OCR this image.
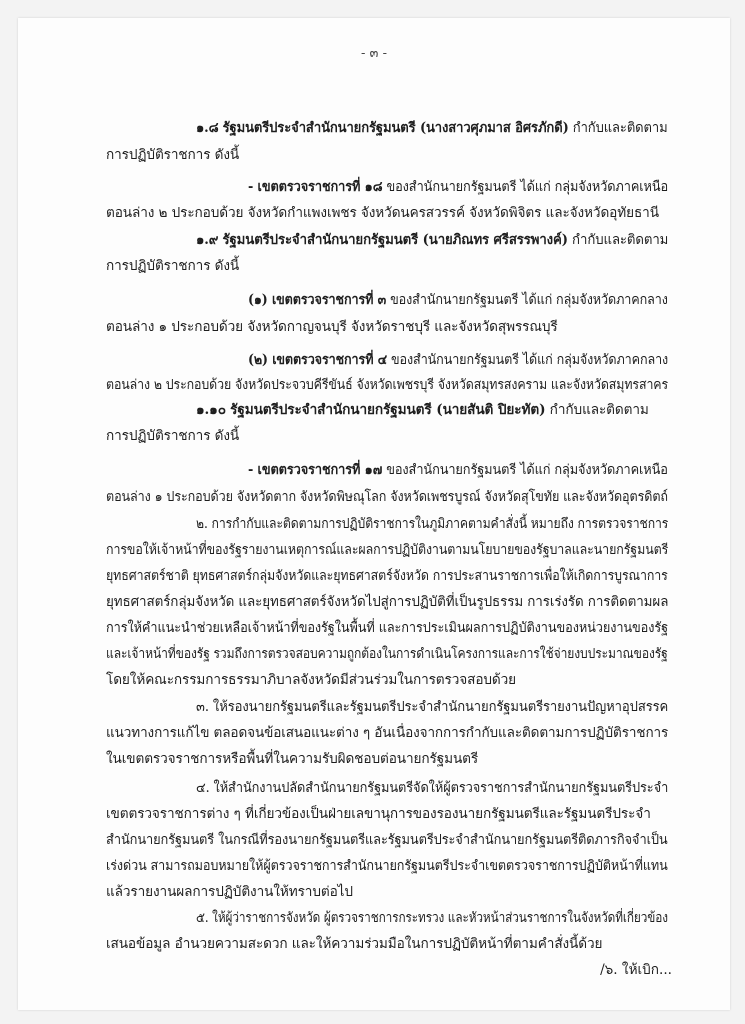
- ๓ -
๑.๘ รัฐมนตรีประจำสำนักนายกรัฐมนตรี (นางสาวศุภมาส อิศรภักดี) กำกับและติดตาม
การปฏิบัติราชการ ดังนี้
- เขตตรวจราชการที่ ๑๘ ของสำนักนายกรัฐมนตรี ได้แก่ กลุ่มจังหวัดภาคเหนือ
ตอนล่าง ๒ ประกอบด้วย จังหวัดกำแพงเพชร จังหวัดนครสวรรค์ จังหวัดพิจิตร และจังหวัดอุทัยธานี
๑.๙ รัฐมนตรีประจำสำนักนายกรัฐมนตรี (นายภิณทร ศรีสรรพางค์) กำกับและติดตาม
การปฏิบัติราชการ ดังนี้
(๑) เขตตรวจราชการที่ ๓ ของสำนักนายกรัฐมนตรี ได้แก่ กลุ่มจังหวัดภาคกลาง
ตอนล่าง ๑ ประกอบด้วย จังหวัดกาญจนบุรี จังหวัดราชบุรี และจังหวัดสุพรรณบุรี
(๒) เขตตรวจราชการที่ ๔ ของสำนักนายกรัฐมนตรี ได้แก่ กลุ่มจังหวัดภาคกลาง
ตอนล่าง ๒ ประกอบด้วย จังหวัดประจวบคีรีขันธ์ จังหวัดเพชรบุรี จังหวัดสมุทรสงคราม และจังหวัดสมุทรสาคร
๑.๑๐ รัฐมนตรีประจำสำนักนายกรัฐมนตรี (นายสันติ ปิยะทัต) กำกับและติดตาม
การปฏิบัติราชการ ดังนี้
- เขตตรวจราชการที่ ๑๗ ของสำนักนายกรัฐมนตรี ได้แก่ กลุ่มจังหวัดภาคเหนือ
ตอนล่าง ๑ ประกอบด้วย จังหวัดตาก จังหวัดพิษณุโลก จังหวัดเพชรบูรณ์ จังหวัดสุโขทัย และจังหวัดอุตรดิตถ์
๒. การกำกับและติดตามการปฏิบัติราชการในภูมิภาคตามคำสั่งนี้ หมายถึง การตรวจราชการ
การขอให้เจ้าหน้าที่ของรัฐรายงานเหตุการณ์และผลการปฏิบัติงานตามนโยบายของรัฐบาลและนายกรัฐมนตรี
ยุทธศาสตร์ชาติ ยุทธศาสตร์กลุ่มจังหวัดและยุทธศาสตร์จังหวัด การประสานราชการเพื่อให้เกิดการบูรณาการ
ยุทธศาสตร์กลุ่มจังหวัด และยุทธศาสตร์จังหวัดไปสู่การปฏิบัติที่เป็นรูปธรรม การเร่งรัด การติดตามผล
การให้คำแนะนำช่วยเหลือเจ้าหน้าที่ของรัฐในพื้นที่ และการประเมินผลการปฏิบัติงานของหน่วยงานของรัฐ
และเจ้าหน้าที่ของรัฐ รวมถึงการตรวจสอบความถูกต้องในการดำเนินโครงการและการใช้จ่ายงบประมาณของรัฐ
โดยให้คณะกรรมการธรรมาภิบาลจังหวัดมีส่วนร่วมในการตรวจสอบด้วย
๓. ให้รองนายกรัฐมนตรีและรัฐมนตรีประจำสำนักนายกรัฐมนตรีรายงานปัญหาอุปสรรค
แนวทางการแก้ไข ตลอดจนข้อเสนอแนะต่าง ๆ อันเนื่องจากการกำกับและติดตามการปฏิบัติราชการ
ในเขตตรวจราชการหรือพื้นที่ในความรับผิดชอบต่อนายกรัฐมนตรี
๔. ให้สำนักงานปลัดสำนักนายกรัฐมนตรีจัดให้ผู้ตรวจราชการสำนักนายกรัฐมนตรีประจำ
เขตตรวจราชการต่าง ๆ ที่เกี่ยวข้องเป็นฝ่ายเลขานุการของรองนายกรัฐมนตรีและรัฐมนตรีประจำ
สำนักนายกรัฐมนตรี ในกรณีที่รองนายกรัฐมนตรีและรัฐมนตรีประจำสำนักนายกรัฐมนตรีติดภารกิจจำเป็น
เร่งด่วน สามารถมอบหมายให้ผู้ตรวจราชการสำนักนายกรัฐมนตรีประจำเขตตรวจราชการปฏิบัติหน้าที่แทน
แล้วรายงานผลการปฏิบัติงานให้ทราบต่อไป
๕. ให้ผู้ว่าราชการจังหวัด ผู้ตรวจราชการกระทรวง และหัวหน้าส่วนราชการในจังหวัดที่เกี่ยวข้อง
เสนอข้อมูล อำนวยความสะดวก และให้ความร่วมมือในการปฏิบัติหน้าที่ตามคำสั่งนี้ด้วย
/๖. ให้เบิก...
